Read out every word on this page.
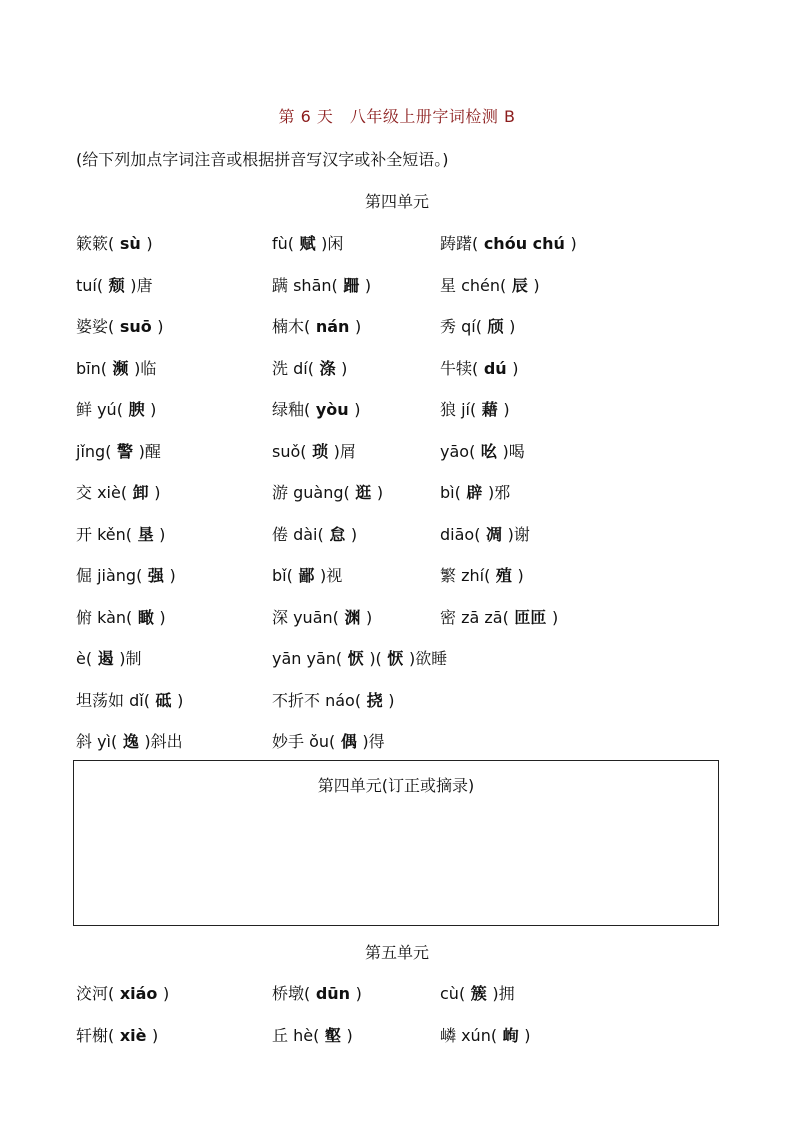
第 6 天　八年级上册字词检测 B
(给下列加点字词注音或根据拼音写汉字或补全短语。)
第四单元
簌簌( sù )	fù( 赋 )闲	踌躇( chóu chú )
tuí( 颓 )唐	蹒 shān( 跚 )	星 chén( 辰 )
婆娑( suō )	楠木( nán )	秀 qí( 颀 )
bīn( 濒 )临	洗 dí( 涤 )	牛犊( dú )
鲜 yú( 腴 )	绿釉( yòu )	狼 jí( 藉 )
jǐng( 警 )醒	suǒ( 琐 )屑	yāo( 吆 )喝
交 xiè( 卸 )	游 guàng( 逛 )	bì( 辟 )邪
开 kěn( 垦 )	倦 dài( 怠 )	diāo( 凋 )谢
倔 jiàng( 强 )	bǐ( 鄙 )视	繁 zhí( 殖 )
俯 kàn( 瞰 )	深 yuān( 渊 )	密 zā zā( 匝匝 )
è( 遏 )制	yān yān( 恹 )( 恹 )欲睡
坦荡如 dǐ( 砥 )	不折不 náo( 挠 )
斜 yì( 逸 )斜出	妙手 ǒu( 偶 )得
第四单元(订正或摘录)
第五单元
洨河( xiáo )	桥墩( dūn )	cù( 簇 )拥
轩榭( xiè )	丘 hè( 壑 )	嶙 xún( 峋 )
